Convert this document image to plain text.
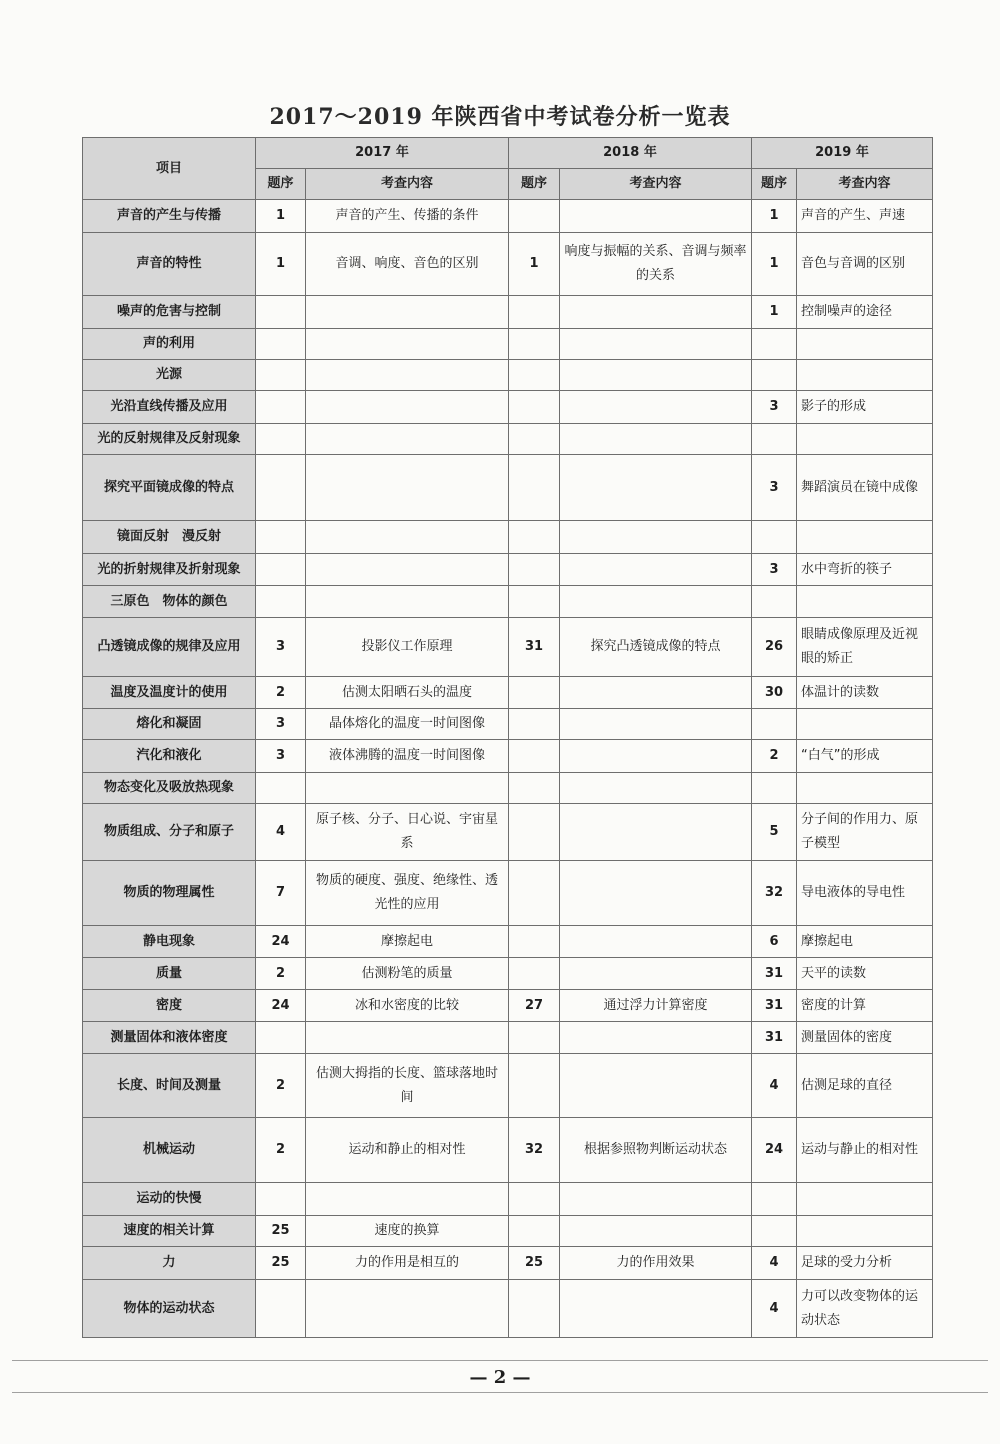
2017～2019 年陕西省中考试卷分析一览表
项目	2017 年		2018 年		2019 年	
	题序	考查内容	题序	考查内容	题序	考查内容
声音的产生与传播	1	声音的产生、传播的条件			1	声音的产生、声速
声音的特性	1	音调、响度、音色的区别	1	响度与振幅的关系、音调与频率的关系	1	音色与音调的区别
噪声的危害与控制					1	控制噪声的途径
声的利用						
光源						
光沿直线传播及应用					3	影子的形成
光的反射规律及反射现象						
探究平面镜成像的特点					3	舞蹈演员在镜中成像
镜面反射　漫反射						
光的折射规律及折射现象					3	水中弯折的筷子
三原色　物体的颜色						
凸透镜成像的规律及应用	3	投影仪工作原理	31	探究凸透镜成像的特点	26	眼睛成像原理及近视眼的矫正
温度及温度计的使用	2	估测太阳晒石头的温度			30	体温计的读数
熔化和凝固	3	晶体熔化的温度一时间图像				
汽化和液化	3	液体沸腾的温度一时间图像			2	“白气”的形成
物态变化及吸放热现象						
物质组成、分子和原子	4	原子核、分子、日心说、宇宙星系			5	分子间的作用力、原子模型
物质的物理属性	7	物质的硬度、强度、绝缘性、透光性的应用			32	导电液体的导电性
静电现象	24	摩擦起电			6	摩擦起电
质量	2	估测粉笔的质量			31	天平的读数
密度	24	冰和水密度的比较	27	通过浮力计算密度	31	密度的计算
测量固体和液体密度					31	测量固体的密度
长度、时间及测量	2	估测大拇指的长度、篮球落地时间			4	估测足球的直径
机械运动	2	运动和静止的相对性	32	根据参照物判断运动状态	24	运动与静止的相对性
运动的快慢						
速度的相关计算	25	速度的换算				
力	25	力的作用是相互的	25	力的作用效果	4	足球的受力分析
物体的运动状态					4	力可以改变物体的运动状态
— 2 —
